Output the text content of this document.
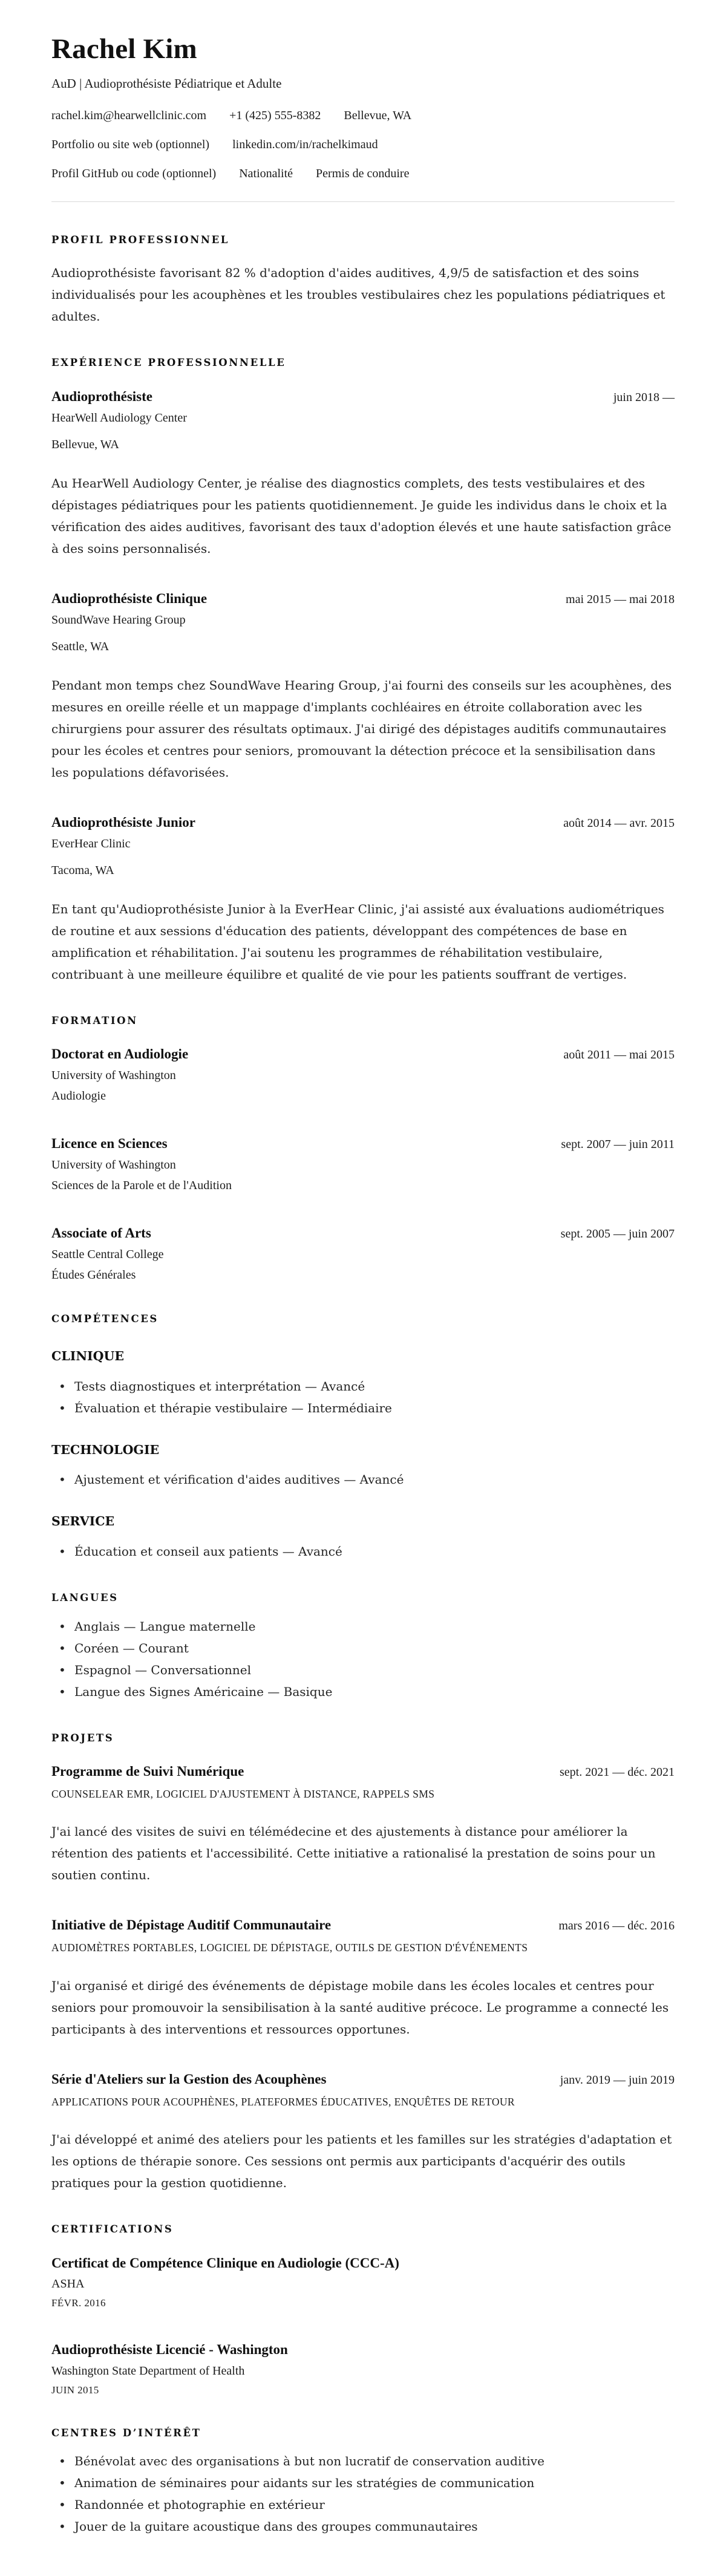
Rachel Kim

AuD | Audioprothésiste Pédiatrique et Adulte

rachel.kim@hearwellclinic.com +1 (425) 555-8382 Bellevue, WA
Portfolio ou site web (optionnel) linkedin.com/in/rachelkimaud
Profil GitHub ou code (optionnel) Nationalité Permis de conduire
PROFIL PROFESSIONNEL

Audioprothésiste favorisant 82 % d'adoption d'aides auditives, 4,9/5 de satisfaction et des soins individualisés pour les acouphènes et les troubles vestibulaires chez les populations pédiatriques et adultes.

EXPÉRIENCE PROFESSIONNELLE
Audioprothésiste	juin 2018 —

HearWell Audiology Center

Bellevue, WA

Au HearWell Audiology Center, je réalise des diagnostics complets, des tests vestibulaires et des dépistages pédiatriques pour les patients quotidiennement. Je guide les individus dans le choix et la vérification des aides auditives, favorisant des taux d'adoption élevés et une haute satisfaction grâce à des soins personnalisés.

Audioprothésiste Clinique	mai 2015 — mai 2018

SoundWave Hearing Group

Seattle, WA

Pendant mon temps chez SoundWave Hearing Group, j'ai fourni des conseils sur les acouphènes, des mesures en oreille réelle et un mappage d'implants cochléaires en étroite collaboration avec les chirurgiens pour assurer des résultats optimaux. J'ai dirigé des dépistages auditifs communautaires pour les écoles et centres pour seniors, promouvant la détection précoce et la sensibilisation dans les populations défavorisées.

Audioprothésiste Junior	août 2014 — avr. 2015

EverHear Clinic

Tacoma, WA

En tant qu'Audioprothésiste Junior à la EverHear Clinic, j'ai assisté aux évaluations audiométriques de routine et aux sessions d'éducation des patients, développant des compétences de base en amplification et réhabilitation. J'ai soutenu les programmes de réhabilitation vestibulaire, contribuant à une meilleure équilibre et qualité de vie pour les patients souffrant de vertiges.

FORMATION
Doctorat en Audiologie	août 2011 — mai 2015

University of Washington

Audiologie

Licence en Sciences	sept. 2007 — juin 2011

University of Washington

Sciences de la Parole et de l'Audition

Associate of Arts	sept. 2005 — juin 2007

Seattle Central College

Études Générales

COMPÉTENCES
CLINIQUE
• Tests diagnostiques et interprétation — Avancé
• Évaluation et thérapie vestibulaire — Intermédiaire
TECHNOLOGIE
• Ajustement et vérification d'aides auditives — Avancé
SERVICE
• Éducation et conseil aux patients — Avancé
LANGUES
• Anglais — Langue maternelle
• Coréen — Courant
• Espagnol — Conversationnel
• Langue des Signes Américaine — Basique
PROJETS
Programme de Suivi Numérique	sept. 2021 — déc. 2021

COUNSELEAR EMR, LOGICIEL D'AJUSTEMENT À DISTANCE, RAPPELS SMS

J'ai lancé des visites de suivi en télémédecine et des ajustements à distance pour améliorer la rétention des patients et l'accessibilité. Cette initiative a rationalisé la prestation de soins pour un soutien continu.

Initiative de Dépistage Auditif Communautaire	mars 2016 — déc. 2016

AUDIOMÈTRES PORTABLES, LOGICIEL DE DÉPISTAGE, OUTILS DE GESTION D'ÉVÉNEMENTS

J'ai organisé et dirigé des événements de dépistage mobile dans les écoles locales et centres pour seniors pour promouvoir la sensibilisation à la santé auditive précoce. Le programme a connecté les participants à des interventions et ressources opportunes.

Série d'Ateliers sur la Gestion des Acouphènes	janv. 2019 — juin 2019

APPLICATIONS POUR ACOUPHÈNES, PLATEFORMES ÉDUCATIVES, ENQUÊTES DE RETOUR

J'ai développé et animé des ateliers pour les patients et les familles sur les stratégies d'adaptation et les options de thérapie sonore. Ces sessions ont permis aux participants d'acquérir des outils pratiques pour la gestion quotidienne.

CERTIFICATIONS
Certificat de Compétence Clinique en Audiologie (CCC-A)

ASHA

FÉVR. 2016

Audioprothésiste Licencié - Washington

Washington State Department of Health

JUIN 2015

CENTRES D’INTÉRÊT
• Bénévolat avec des organisations à but non lucratif de conservation auditive
• Animation de séminaires pour aidants sur les stratégies de communication
• Randonnée et photographie en extérieur
• Jouer de la guitare acoustique dans des groupes communautaires
